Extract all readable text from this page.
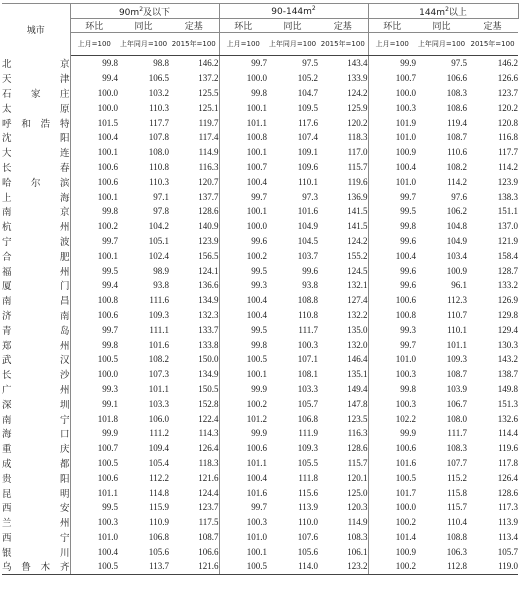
城市	$90m^2$及以下			$90-144m^2$			$144m^2$以上		
	环比	同比	定基	环比	同比	定基	环比	同比	定基
	上月=100	上年同月=100	2015年=100	上月=100	上年同月=100	2015年=100	上月=100	上年同月=100	2015年=100
北京	99.8	98.8	146.2	99.7	97.5	143.4	99.9	97.5	146.2
天津	99.4	106.5	137.2	100.0	105.2	133.9	100.7	106.6	126.6
石家庄	100.0	103.2	125.5	99.8	104.7	124.2	100.0	108.3	123.7
太原	100.0	110.3	125.1	100.1	109.5	125.9	100.3	108.6	120.2
呼和浩特	101.5	117.7	119.7	101.1	117.6	120.2	101.9	119.4	120.8
沈阳	100.4	107.8	117.4	100.8	107.4	118.3	101.0	108.7	116.8
大连	100.1	108.0	114.9	100.1	109.1	117.0	100.9	110.6	117.7
长春	100.6	110.8	116.3	100.7	109.6	115.7	100.4	108.2	114.2
哈尔滨	100.6	110.3	120.7	100.4	110.1	119.6	101.0	114.2	123.9
上海	100.1	97.1	137.7	99.7	97.3	136.9	99.7	97.6	138.3
南京	99.8	97.8	128.6	100.1	101.6	141.5	99.5	106.2	151.1
杭州	100.2	104.2	140.9	100.0	104.9	141.5	99.8	104.8	137.0
宁波	99.7	105.1	123.9	99.6	104.5	124.2	99.6	104.9	121.9
合肥	100.1	102.4	156.5	100.2	103.7	155.2	100.4	103.4	158.4
福州	99.5	98.9	124.1	99.5	99.6	124.5	99.6	100.9	128.7
厦门	99.4	93.8	136.6	99.3	93.8	132.1	99.6	96.1	133.2
南昌	100.8	111.6	134.9	100.4	108.8	127.4	100.6	112.3	126.9
济南	100.6	109.3	132.3	100.4	110.8	132.2	100.8	110.7	129.8
青岛	99.7	111.1	133.7	99.5	111.7	135.0	99.3	110.1	129.4
郑州	99.8	101.6	133.8	99.8	100.3	132.0	99.7	101.1	130.3
武汉	100.5	108.2	150.0	100.5	107.1	146.4	101.0	109.3	143.2
长沙	100.0	107.3	134.9	100.1	108.1	135.1	100.3	108.7	138.7
广州	99.3	101.1	150.5	99.9	103.3	149.4	99.8	103.9	149.8
深圳	99.1	103.3	152.8	100.2	105.7	147.8	100.3	106.7	151.3
南宁	101.8	106.0	122.4	101.2	106.8	123.5	102.2	108.0	132.6
海口	99.9	111.2	114.3	99.9	111.9	116.3	99.9	111.7	114.4
重庆	100.7	109.4	126.4	100.6	109.3	128.6	100.6	108.3	119.6
成都	100.5	105.4	118.3	101.1	105.5	115.7	101.6	107.7	117.8
贵阳	100.6	112.2	121.6	100.4	111.8	120.1	100.5	115.2	126.4
昆明	101.1	114.8	124.4	101.6	115.6	125.0	101.7	115.8	128.6
西安	99.5	115.9	123.7	99.7	113.9	120.3	100.0	115.7	117.3
兰州	100.3	110.9	117.5	100.3	110.0	114.9	100.2	110.4	113.9
西宁	101.0	106.8	108.7	101.0	107.6	108.3	101.4	108.8	113.4
银川	100.4	105.6	106.6	100.1	105.6	106.1	100.9	106.3	105.7
乌鲁木齐	100.5	113.7	121.6	100.5	114.0	123.2	100.2	112.8	119.0
